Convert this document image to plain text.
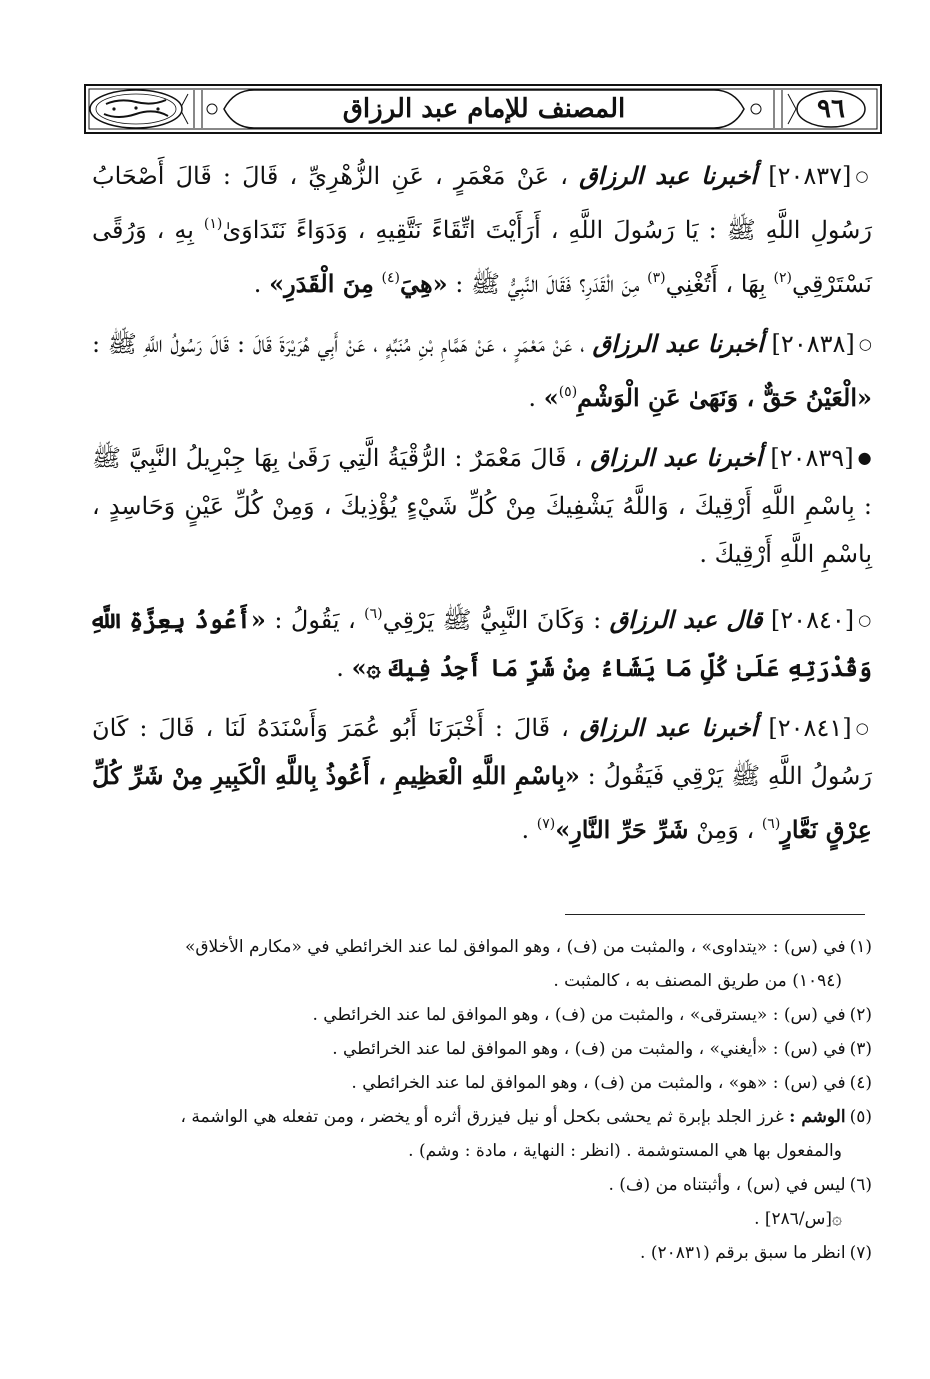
المصنف للإمام عبد الرزاق	٩٦

○[٢٠٨٣٧] أخبرنا عبد الرزاق ، عَنْ مَعْمَرٍ ، عَنِ الزُّهْرِيِّ ، قَالَ : قَالَ أَصْحَابُ رَسُولِ اللَّهِ ﷺ : يَا رَسُولَ اللَّهِ ، أَرَأَيْتَ اتِّقَاءً نَتَّقِيهِ ، وَدَوَاءً نَتَدَاوَىٰ$^{(١)}$ بِهِ ، وَرُقًى نَسْتَرْقِي$^{(٢)}$ بِهَا ، أَتُغْنِي$^{(٣)}$ مِنَ الْقَدَرِ؟ فَقَالَ النَّبِيُّ ﷺ : «هِيَ$^{(٤)}$ مِنَ الْقَدَرِ» .

○[٢٠٨٣٨] أخبرنا عبد الرزاق ، عَنْ مَعْمَرٍ ، عَنْ هَمَّامِ بْنِ مُنَبِّهٍ ، عَنْ أَبِي هُرَيْرَةَ قَالَ : قَالَ رَسُولُ اللَّهِ ﷺ : «الْعَيْنُ حَقٌّ ، وَنَهَىٰ عَنِ الْوَشْمِ$^{(٥)}$» .

●[٢٠٨٣٩] أخبرنا عبد الرزاق ، قَالَ مَعْمَرٌ : الرُّقْيَةُ الَّتِي رَقَىٰ بِهَا جِبْرِيلُ النَّبِيَّ ﷺ : بِاسْمِ اللَّهِ أَرْقِيكَ ، وَاللَّهُ يَشْفِيكَ مِنْ كُلِّ شَيْءٍ يُؤْذِيكَ ، وَمِنْ كُلِّ عَيْنٍ وَحَاسِدٍ ، بِاسْمِ اللَّهِ أَرْقِيكَ .

○[٢٠٨٤٠] قال عبد الرزاق : وَكَانَ النَّبِيُّ ﷺ يَرْقِي$^{(٦)}$ ، يَقُولُ : «أَعُوذُ بِعِزَّةِ اللَّهِ وَقُدْرَتِهِ عَلَىٰ كُلِّ مَا يَشَاءُ مِنْ شَرِّ مَا أَجِدُ فِيكَ ۞» .

○[٢٠٨٤١] أخبرنا عبد الرزاق ، قَالَ : أَخْبَرَنَا أَبُو عُمَرَ وَأَسْنَدَهُ لَنَا ، قَالَ : كَانَ رَسُولُ اللَّهِ ﷺ يَرْقِي فَيَقُولُ : «بِاسْمِ اللَّهِ الْعَظِيمِ ، أَعُوذُ بِاللَّهِ الْكَبِيرِ مِنْ شَرِّ كُلِّ عِرْقٍ نَعَّارٍ$^{(٦)}$ ، وَمِنْ شَرِّ حَرِّ النَّارِ»$^{(٧)}$ .

(١)في (س) : «يتداوى» ، والمثبت من (ف) ، وهو الموافق لما عند الخرائطي في «مكارم الأخلاق»

(١٠٩٤) من طريق المصنف به ، كالمثبت .

(٢)في (س) : «يسترقى» ، والمثبت من (ف) ، وهو الموافق لما عند الخرائطي .

(٣)في (س) : «أيغني» ، والمثبت من (ف) ، وهو الموافق لما عند الخرائطي .

(٤)في (س) : «هو» ، والمثبت من (ف) ، وهو الموافق لما عند الخرائطي .

(٥)الوشم : غرز الجلد بإبرة ثم يحشى بكحل أو نيل فيزرق أثره أو يخضر ، ومن تفعله هي الواشمة ،

والمفعول بها هي المستوشمة . (انظر : النهاية ، مادة : وشم) .

(٦)ليس في (س) ، وأثبتناه من (ف) .

۞[س/٢٨٦] .

(٧)انظر ما سبق برقم (٢٠٨٣١) .
